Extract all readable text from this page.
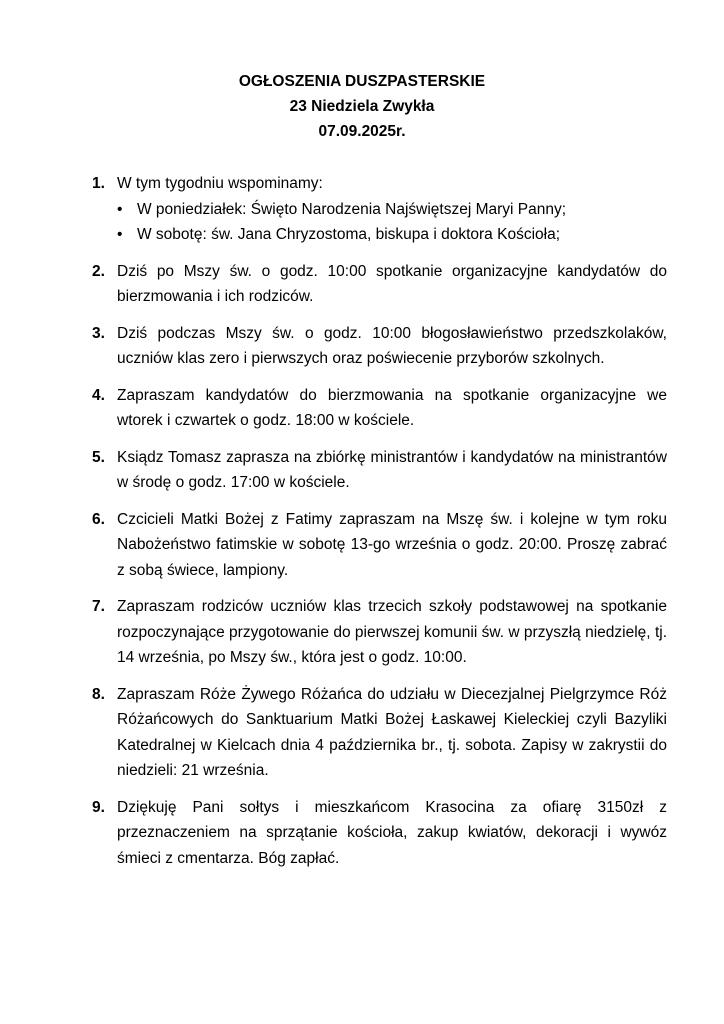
OGŁOSZENIA DUSZPASTERSKIE
23 Niedziela Zwykła
07.09.2025r.
1. W tym tygodniu wspominamy:
• W poniedziałek: Święto Narodzenia Najświętszej Maryi Panny;
• W sobotę: św. Jana Chryzostoma, biskupa i doktora Kościoła;
2. Dziś po Mszy św. o godz. 10:00 spotkanie organizacyjne kandydatów do bierzmowania i ich rodziców.
3. Dziś podczas Mszy św. o godz. 10:00 błogosławieństwo przedszkolaków, uczniów klas zero i pierwszych oraz poświecenie przyborów szkolnych.
4. Zapraszam kandydatów do bierzmowania na spotkanie organizacyjne we wtorek i czwartek o godz. 18:00 w kościele.
5. Ksiądz Tomasz zaprasza na zbiórkę ministrantów i kandydatów na ministrantów w środę o godz. 17:00 w kościele.
6. Czcicieli Matki Bożej z Fatimy zapraszam na Mszę św. i kolejne w tym roku Nabożeństwo fatimskie w sobotę 13-go września o godz. 20:00. Proszę zabrać z sobą świece, lampiony.
7. Zapraszam rodziców uczniów klas trzecich szkoły podstawowej na spotkanie rozpoczynające przygotowanie do pierwszej komunii św. w przyszłą niedzielę, tj. 14 września, po Mszy św., która jest o godz. 10:00.
8. Zapraszam Róże Żywego Różańca do udziału w Diecezjalnej Pielgrzymce Róż Różańcowych do Sanktuarium Matki Bożej Łaskawej Kieleckiej czyli Bazyliki Katedralnej w Kielcach dnia 4 października br., tj. sobota. Zapisy w zakrystii do niedzieli: 21 września.
9. Dziękuję Pani sołtys i mieszkańcom Krasocina za ofiarę 3150zł z przeznaczeniem na sprzątanie kościoła, zakup kwiatów, dekoracji i wywóz śmieci z cmentarza. Bóg zapłać.
